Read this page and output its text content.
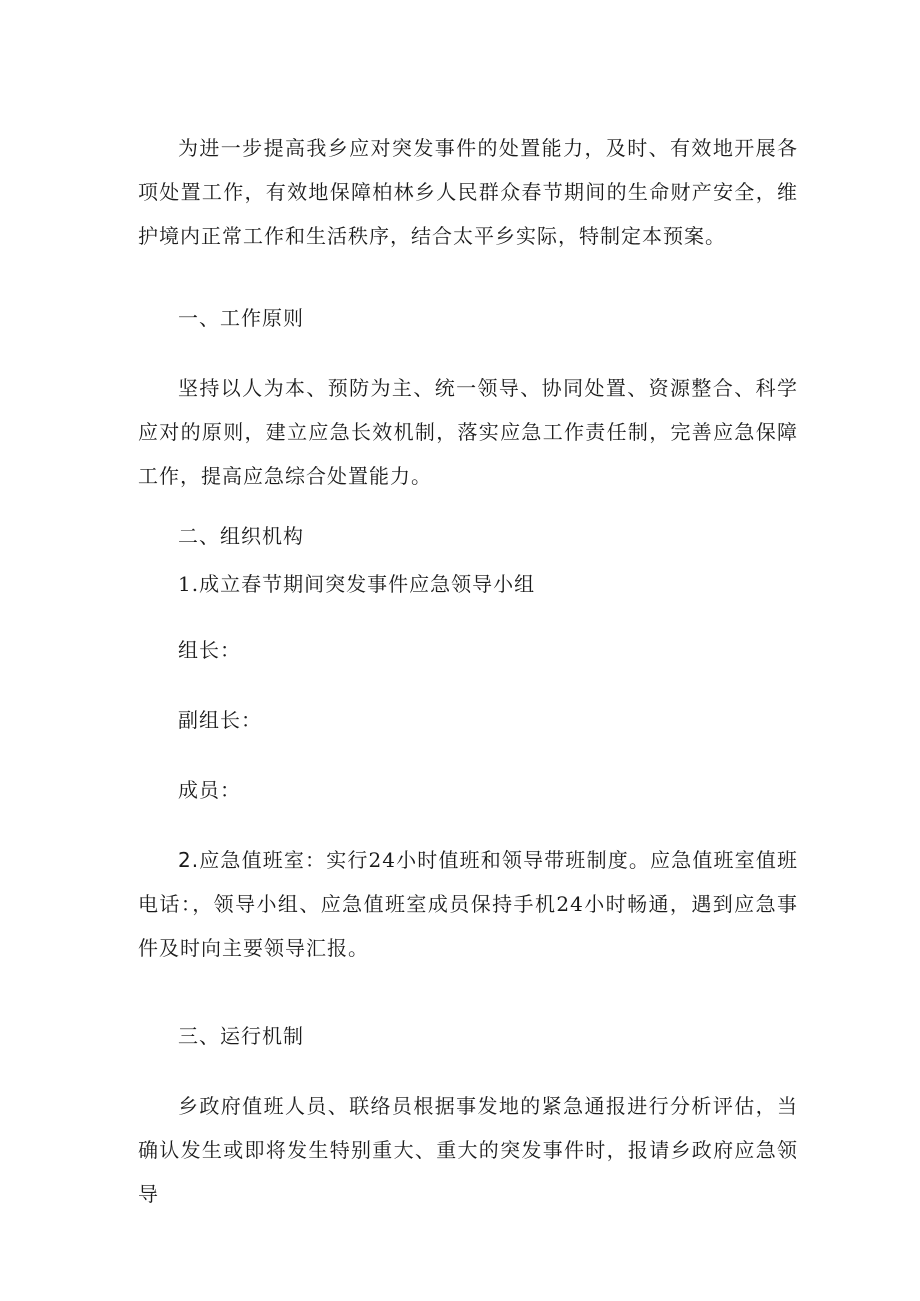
为进一步提高我乡应对突发事件的处置能力，及时、有效地开展各项处置工作，有效地保障柏林乡人民群众春节期间的生命财产安全，维护境内正常工作和生活秩序，结合太平乡实际，特制定本预案。

一、工作原则

坚持以人为本、预防为主、统一领导、协同处置、资源整合、科学应对的原则，建立应急长效机制，落实应急工作责任制，完善应急保障工作，提高应急综合处置能力。

二、组织机构

1.成立春节期间突发事件应急领导小组

组长：

副组长：

成员：

2.应急值班室：实行24小时值班和领导带班制度。应急值班室值班电话：，领导小组、应急值班室成员保持手机24小时畅通，遇到应急事件及时向主要领导汇报。

三、运行机制

乡政府值班人员、联络员根据事发地的紧急通报进行分析评估，当确认发生或即将发生特别重大、重大的突发事件时，报请乡政府应急领导
